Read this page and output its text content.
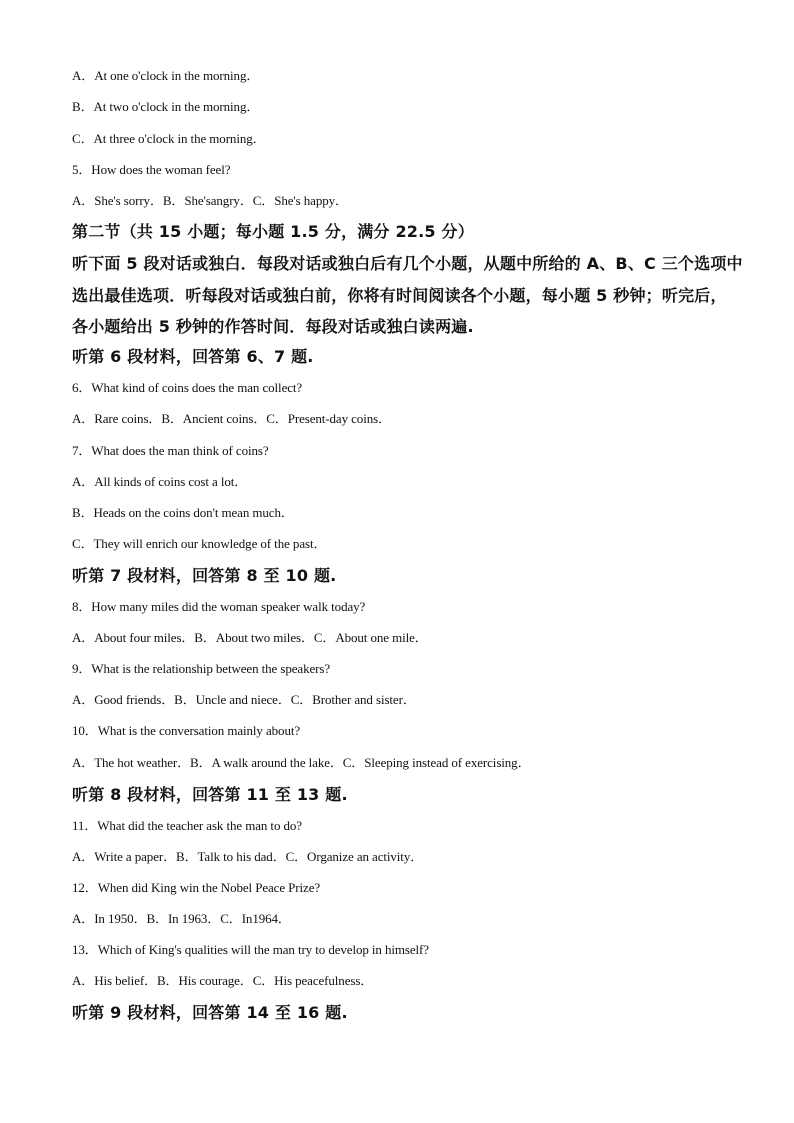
A．At one o'clock in the morning．
B．At two o'clock in the morning．
C．At three o'clock in the morning．
5．How does the woman feel?
A．She's sorry．B．She'sangry．C．She's happy．
第二节（共 15 小题；每小题 1.5 分，满分 22.5 分）
听下面 5 段对话或独白．每段对话或独白后有几个小题，从题中所给的 A、B、C 三个选项中
选出最佳选项．听每段对话或独白前，你将有时间阅读各个小题，每小题 5 秒钟；听完后，
各小题给出 5 秒钟的作答时间．每段对话或独白读两遍.
听第 6 段材料，回答第 6、7 题.
6．What kind of coins does the man collect?
A．Rare coins．B．Ancient coins．C．Present-day coins．
7．What does the man think of coins?
A．All kinds of coins cost a lot．
B．Heads on the coins don't mean much．
C．They will enrich our knowledge of the past．
听第 7 段材料，回答第 8 至 10 题.
8．How many miles did the woman speaker walk today?
A．About four miles．B．About two miles．C．About one mile．
9．What is the relationship between the speakers?
A．Good friends．B．Uncle and niece．C．Brother and sister．
10．What is the conversation mainly about?
A．The hot weather．B．A walk around the lake．C．Sleeping instead of exercising．
听第 8 段材料，回答第 11 至 13 题.
11．What did the teacher ask the man to do?
A．Write a paper．B．Talk to his dad．C．Organize an activity．
12．When did King win the Nobel Peace Prize?
A．In 1950．B．In 1963．C．In1964．
13．Which of King's qualities will the man try to develop in himself?
A．His belief．B．His courage．C．His peacefulness．
听第 9 段材料，回答第 14 至 16 题.
